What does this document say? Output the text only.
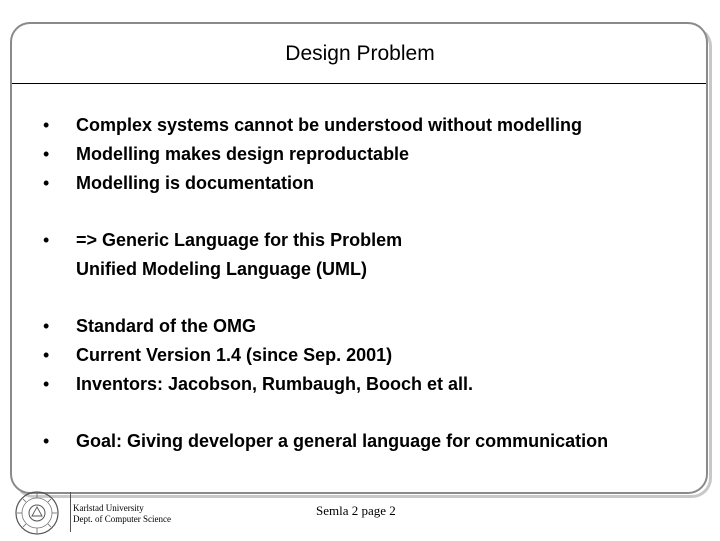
Design Problem
•	Complex systems cannot be understood without modelling
•	Modelling makes design reproductable
•	Modelling is documentation
•	=> Generic Language for this Problem
Unified Modeling Language (UML)
•	Standard of the OMG
•	Current Version 1.4 (since Sep. 2001)
•	Inventors: Jacobson, Rumbaugh, Booch et all.
•	Goal: Giving developer a general language for communication
Karlstad University
Dept. of Computer Science
Semla 2 page 2
